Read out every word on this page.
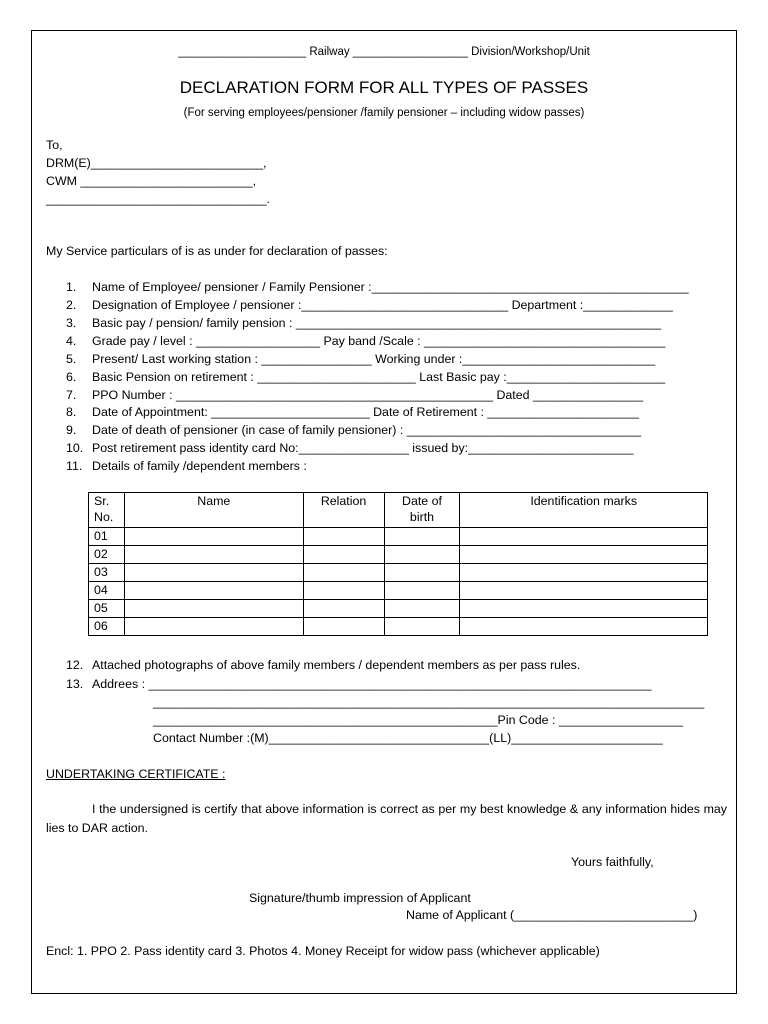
____________________ Railway __________________ Division/Workshop/Unit
DECLARATION FORM FOR ALL TYPES OF PASSES
(For serving employees/pensioner /family pensioner – including widow passes)
To,
DRM(E)_________________________,
CWM _________________________,
________________________________.
My Service particulars of is as under for declaration of passes:
1. Name of Employee/ pensioner / Family Pensioner :______________________________________________
2. Designation of Employee / pensioner :______________________________ Department :_____________
3. Basic pay / pension/ family pension : _____________________________________________________
4. Grade pay / level : __________________ Pay band /Scale : ___________________________________
5. Present/ Last working station : ________________ Working under :____________________________
6. Basic Pension on retirement : _______________________ Last Basic pay :_______________________
7. PPO Number : ______________________________________________ Dated ________________
8. Date of Appointment: _______________________ Date of Retirement : ______________________
9. Date of death of pensioner (in case of family pensioner) : __________________________________
10. Post retirement pass identity card No:________________ issued by:________________________
11. Details of family /dependent members :
Sr. No.	Name	Relation	Date of birth	Identification marks
01				
02				
03				
04				
05				
06				
12. Attached photographs of above family members / dependent members as per pass rules.
13. Addrees : _________________________________________________________________________
________________________________________________________________________________
__________________________________________________Pin Code : __________________
Contact Number :(M)________________________________(LL)______________________
UNDERTAKING CERTIFICATE :
I the undersigned is certify that above information is correct as per my best knowledge & any information hides may lies to DAR action.
Yours faithfully,
Signature/thumb impression of Applicant
Name of Applicant (__________________________)
Encl: 1. PPO 2. Pass identity card 3. Photos 4. Money Receipt for widow pass (whichever applicable)
